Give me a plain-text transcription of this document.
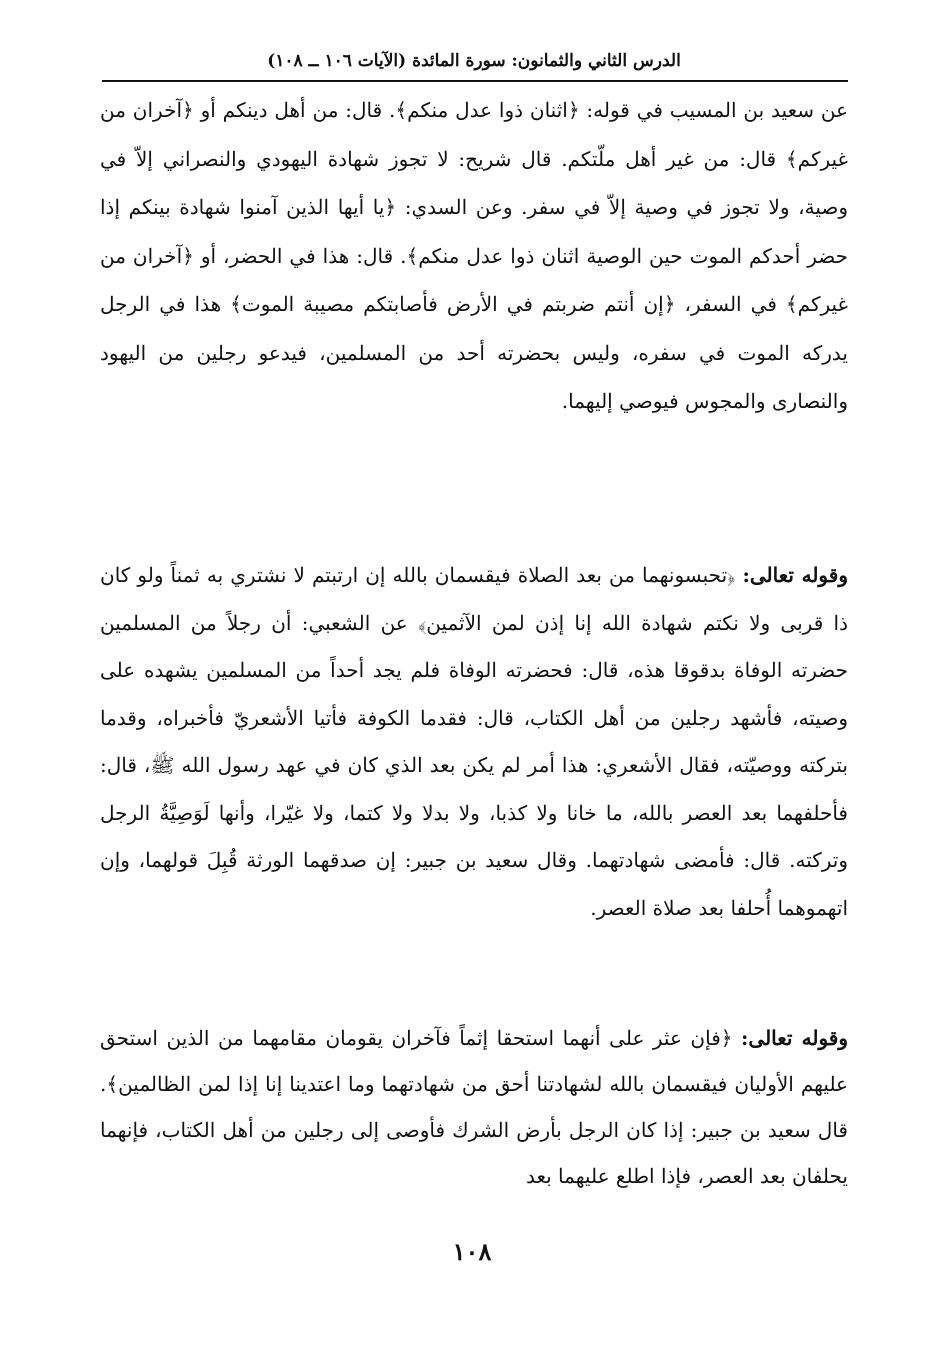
الدرس الثاني والثمانون: سورة المائدة (الآيات ١٠٦ ــ ١٠٨)

عن سعيد بن المسيب في قوله: ﴿اثنان ذوا عدل منكم﴾. قال: من أهل دينكم أو ﴿آخران من غيركم﴾ قال: من غير أهل ملّتكم. قال شريح: لا تجوز شهادة اليهودي والنصراني إلاّ في وصية، ولا تجوز في وصية إلاّ في سفر. وعن السدي: ﴿يا أيها الذين آمنوا شهادة بينكم إذا حضر أحدكم الموت حين الوصية اثنان ذوا عدل منكم﴾. قال: هذا في الحضر، أو ﴿آخران من غيركم﴾ في السفر، ﴿إن أنتم ضربتم في الأرض فأصابتكم مصيبة الموت﴾ هذا في الرجل يدركه الموت في سفره، وليس بحضرته أحد من المسلمين، فيدعو رجلين من اليهود والنصارى والمجوس فيوصي إليهما.

وقوله تعالى: ﴿تحبسونهما من بعد الصلاة فيقسمان بالله إن ارتبتم لا نشتري به ثمناً ولو كان ذا قربى ولا نكتم شهادة الله إنا إذن لمن الآثمين﴾ عن الشعبي: أن رجلاً من المسلمين حضرته الوفاة بدقوقا هذه، قال: فحضرته الوفاة فلم يجد أحداً من المسلمين يشهده على وصيته، فأشهد رجلين من أهل الكتاب، قال: فقدما الكوفة فأتيا الأشعريّ فأخبراه، وقدما بتركته ووصيّته، فقال الأشعري: هذا أمر لم يكن بعد الذي كان في عهد رسول الله ﷺ، قال: فأحلفهما بعد العصر بالله، ما خانا ولا كذبا، ولا بدلا ولا كتما، ولا غيّرا، وأنها لَوَصِيَّةُ الرجل وتركته. قال: فأمضى شهادتهما. وقال سعيد بن جبير: إن صدقهما الورثة قُبِلَ قولهما، وإن اتهموهما أُحلفا بعد صلاة العصر.

وقوله تعالى: ﴿فإن عثر على أنهما استحقا إثماً فآخران يقومان مقامهما من الذين استحق عليهم الأوليان فيقسمان بالله لشهادتنا أحق من شهادتهما وما اعتدينا إنا إذا لمن الظالمين﴾. قال سعيد بن جبير: إذا كان الرجل بأرض الشرك فأوصى إلى رجلين من أهل الكتاب، فإنهما يحلفان بعد العصر، فإذا اطلع عليهما بعد

١٠٨
